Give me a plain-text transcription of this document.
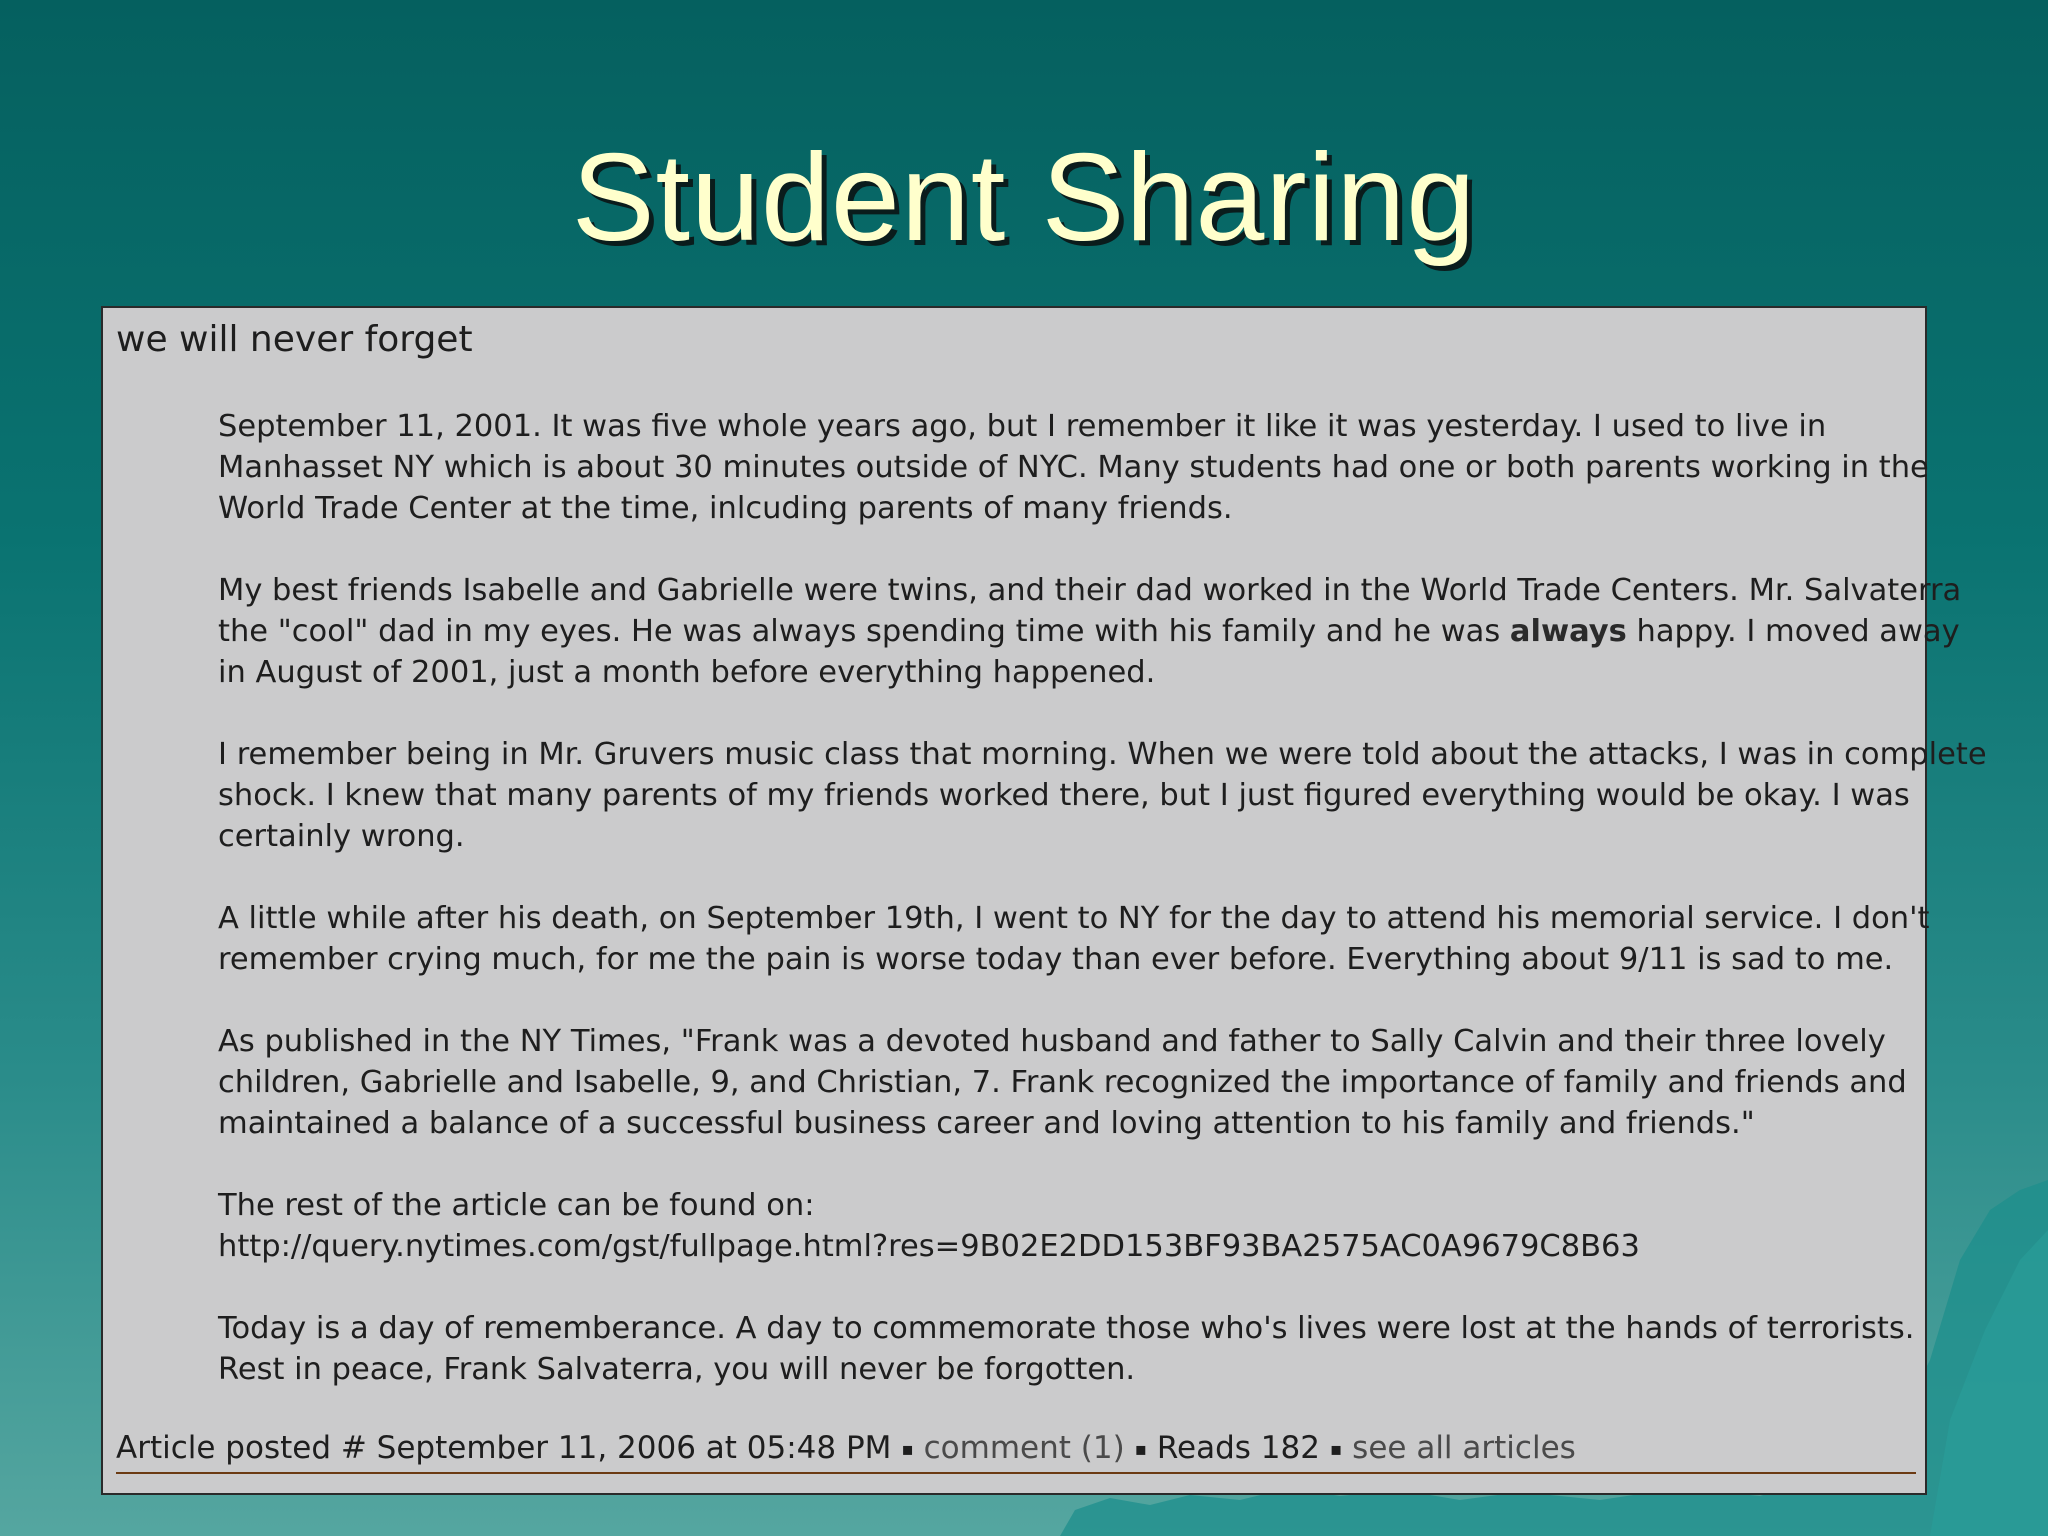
Student Sharing
we will never forget

September 11, 2001. It was five whole years ago, but I remember it like it was yesterday. I used to live in
Manhasset NY which is about 30 minutes outside of NYC. Many students had one or both parents working in the
World Trade Center at the time, inlcuding parents of many friends.

My best friends Isabelle and Gabrielle were twins, and their dad worked in the World Trade Centers. Mr. Salvaterra
the "cool" dad in my eyes. He was always spending time with his family and he was always happy. I moved away
in August of 2001, just a month before everything happened.

I remember being in Mr. Gruvers music class that morning. When we were told about the attacks, I was in complete
shock. I knew that many parents of my friends worked there, but I just figured everything would be okay. I was
certainly wrong.

A little while after his death, on September 19th, I went to NY for the day to attend his memorial service. I don't
remember crying much, for me the pain is worse today than ever before. Everything about 9/11 is sad to me.

As published in the NY Times, "Frank was a devoted husband and father to Sally Calvin and their three lovely
children, Gabrielle and Isabelle, 9, and Christian, 7. Frank recognized the importance of family and friends and
maintained a balance of a successful business career and loving attention to his family and friends."

The rest of the article can be found on:
http://query.nytimes.com/gst/fullpage.html?res=9B02E2DD153BF93BA2575AC0A9679C8B63

Today is a day of rememberance. A day to commemorate those who's lives were lost at the hands of terrorists.
Rest in peace, Frank Salvaterra, you will never be forgotten.

Article posted # September 11, 2006 at 05:48 PM ▪ comment (1) ▪ Reads 182 ▪ see all articles
